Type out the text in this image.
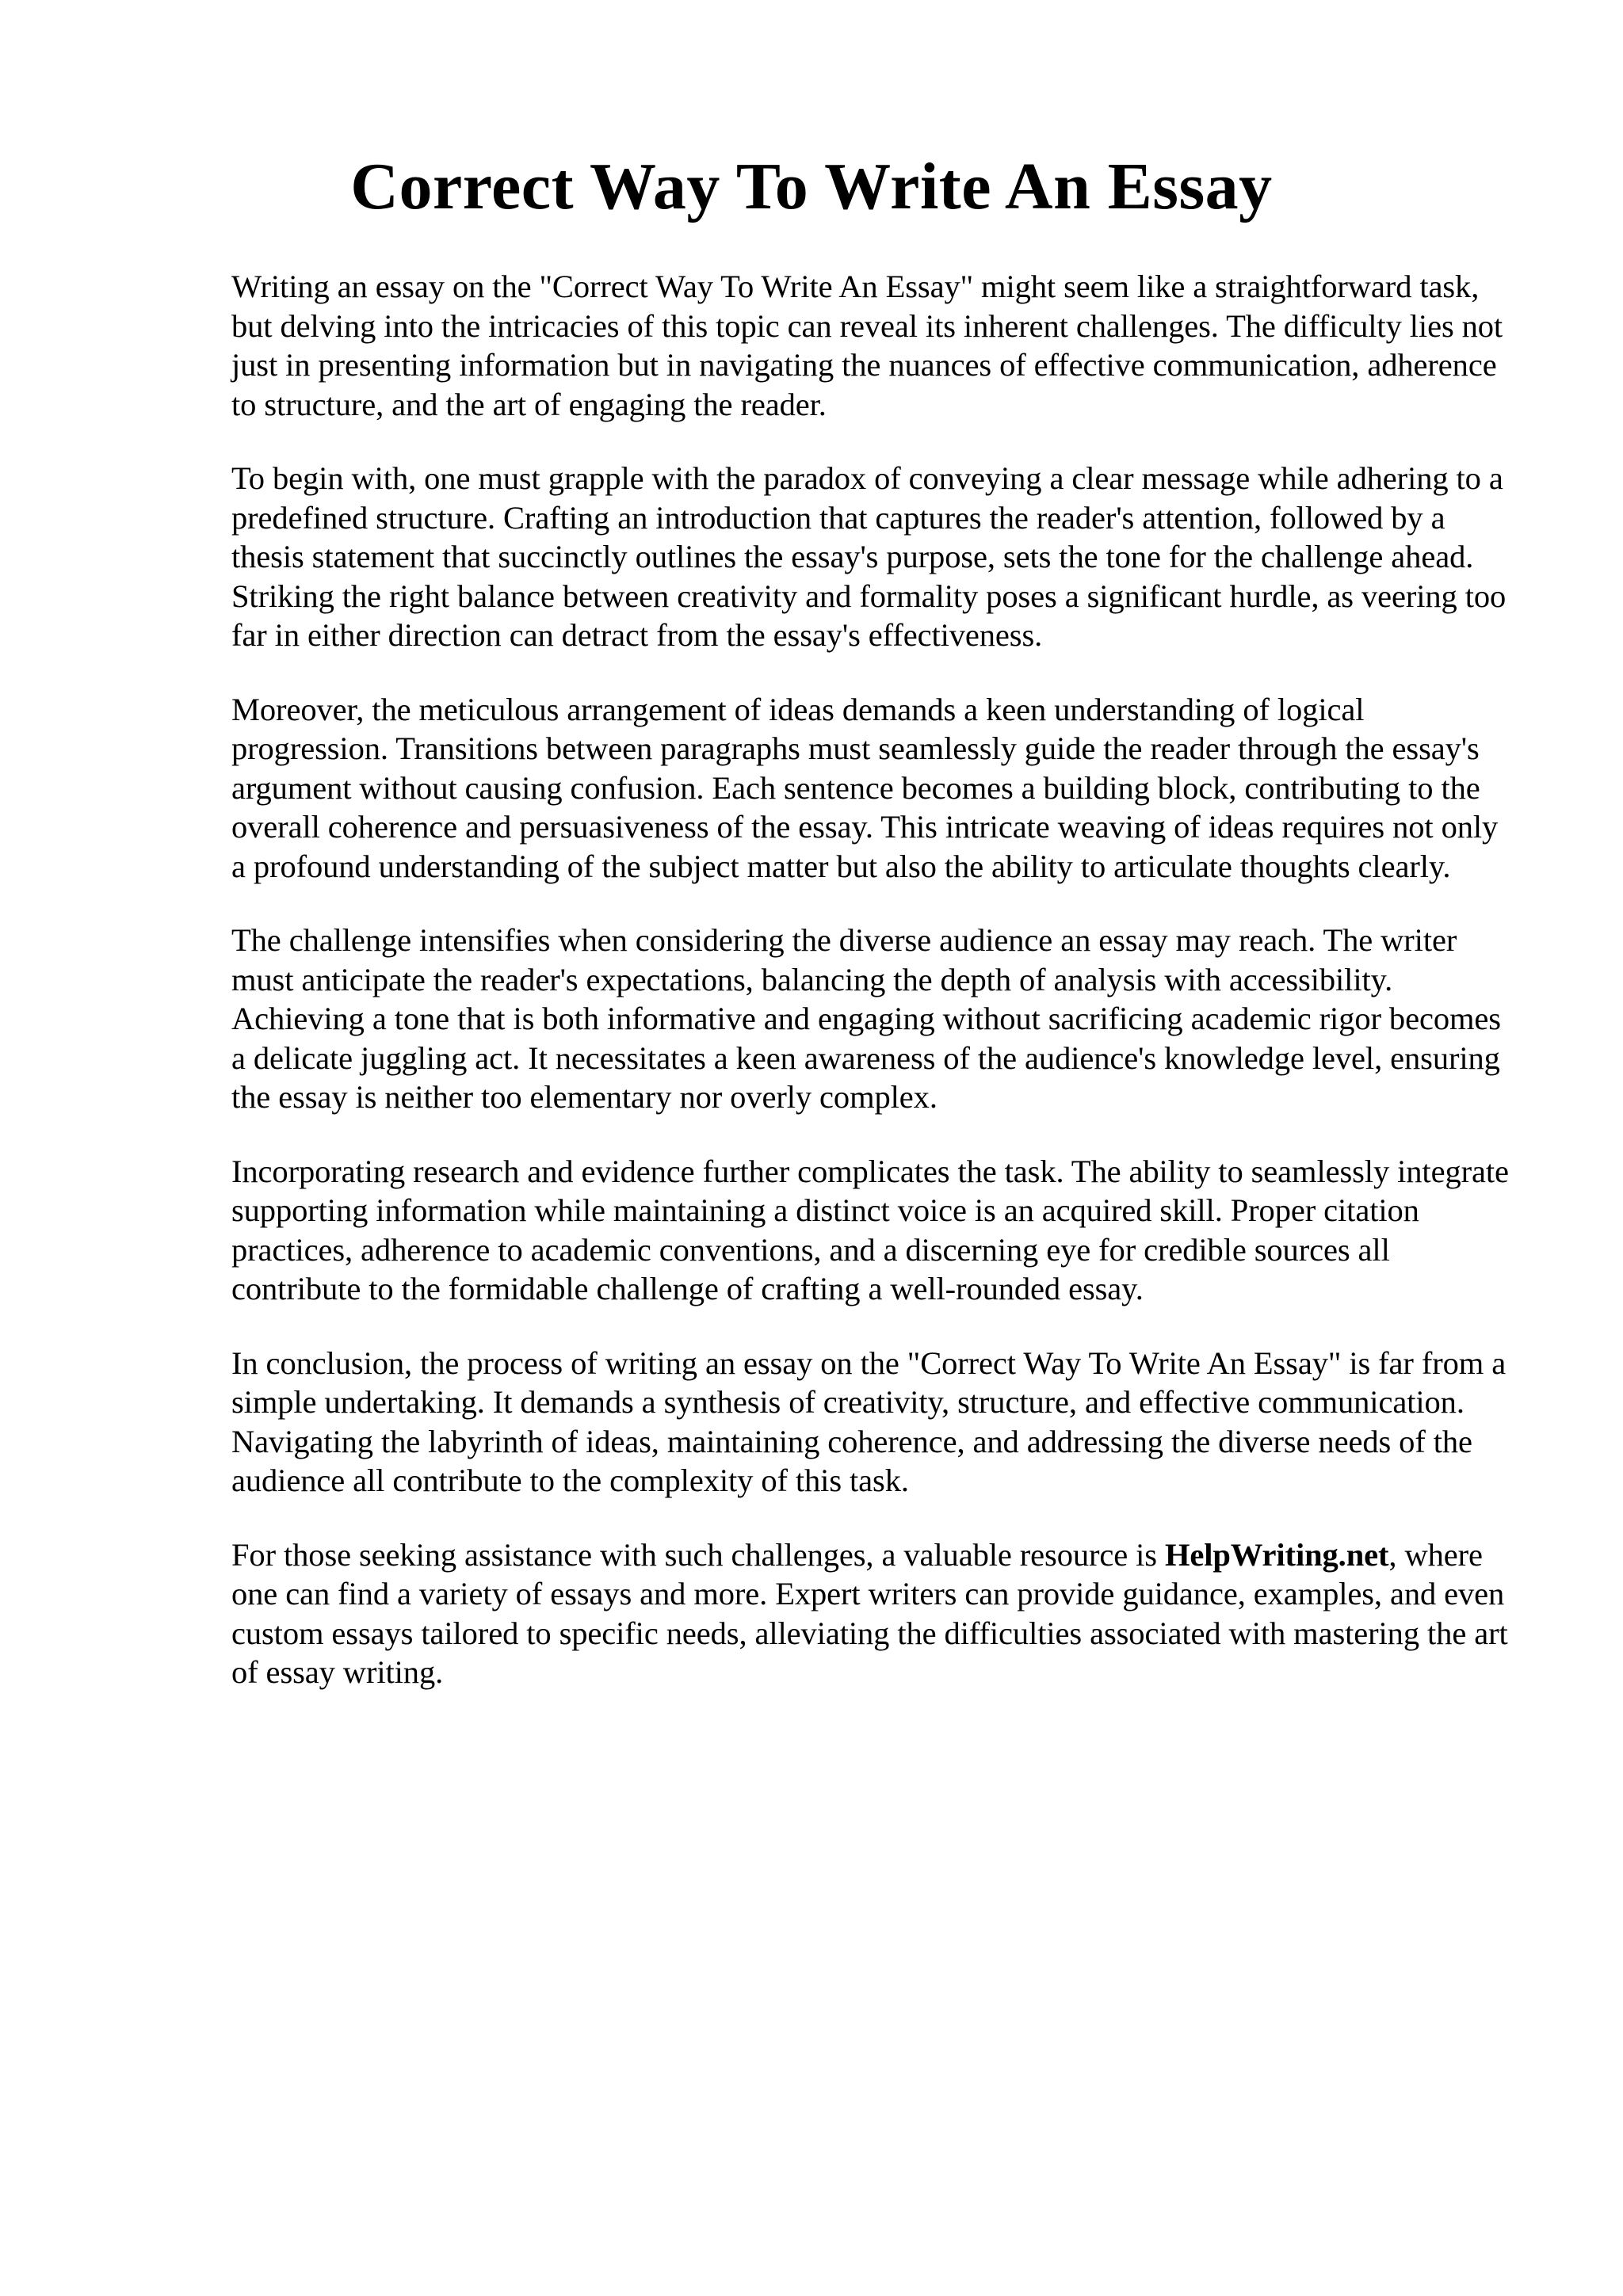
Correct Way To Write An Essay

Writing an essay on the "Correct Way To Write An Essay" might seem like a straightforward task, but delving into the intricacies of this topic can reveal its inherent challenges. The difficulty lies not just in presenting information but in navigating the nuances of effective communication, adherence to structure, and the art of engaging the reader.

To begin with, one must grapple with the paradox of conveying a clear message while adhering to a predefined structure. Crafting an introduction that captures the reader's attention, followed by a thesis statement that succinctly outlines the essay's purpose, sets the tone for the challenge ahead. Striking the right balance between creativity and formality poses a significant hurdle, as veering too far in either direction can detract from the essay's effectiveness.

Moreover, the meticulous arrangement of ideas demands a keen understanding of logical progression. Transitions between paragraphs must seamlessly guide the reader through the essay's argument without causing confusion. Each sentence becomes a building block, contributing to the overall coherence and persuasiveness of the essay. This intricate weaving of ideas requires not only a profound understanding of the subject matter but also the ability to articulate thoughts clearly.

The challenge intensifies when considering the diverse audience an essay may reach. The writer must anticipate the reader's expectations, balancing the depth of analysis with accessibility. Achieving a tone that is both informative and engaging without sacrificing academic rigor becomes a delicate juggling act. It necessitates a keen awareness of the audience's knowledge level, ensuring the essay is neither too elementary nor overly complex.

Incorporating research and evidence further complicates the task. The ability to seamlessly integrate supporting information while maintaining a distinct voice is an acquired skill. Proper citation practices, adherence to academic conventions, and a discerning eye for credible sources all contribute to the formidable challenge of crafting a well-rounded essay.

In conclusion, the process of writing an essay on the "Correct Way To Write An Essay" is far from a simple undertaking. It demands a synthesis of creativity, structure, and effective communication. Navigating the labyrinth of ideas, maintaining coherence, and addressing the diverse needs of the audience all contribute to the complexity of this task.

For those seeking assistance with such challenges, a valuable resource is HelpWriting.net, where one can find a variety of essays and more. Expert writers can provide guidance, examples, and even custom essays tailored to specific needs, alleviating the difficulties associated with mastering the art of essay writing.
